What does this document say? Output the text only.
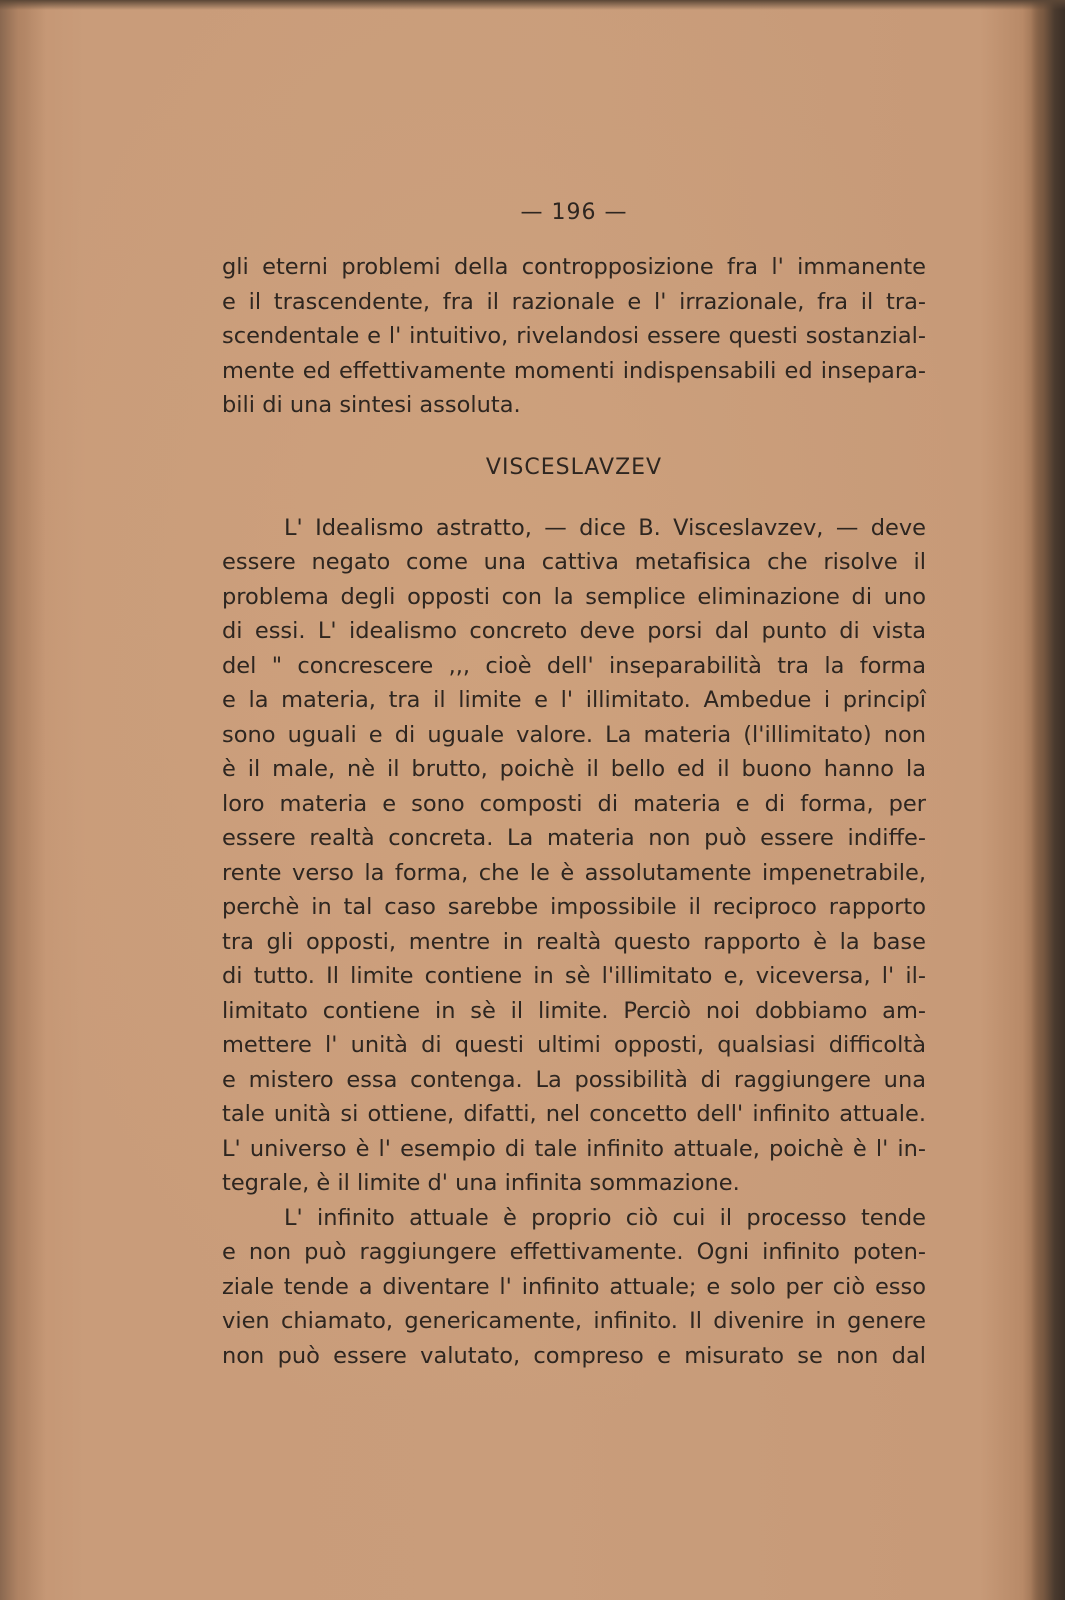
— 196 —
gli eterni problemi della contropposizione fra l' immanente
e il trascendente, fra il razionale e l' irrazionale, fra il tra-
scendentale e l' intuitivo, rivelandosi essere questi sostanzial-
mente ed effettivamente momenti indispensabili ed insepara-
bili di una sintesi assoluta.
VISCESLAVZEV
L' Idealismo astratto, — dice B. Visceslavzev, — deve
essere negato come una cattiva metafisica che risolve il
problema degli opposti con la semplice eliminazione di uno
di essi. L' idealismo concreto deve porsi dal punto di vista
del " concrescere ,,, cioè dell' inseparabilità tra la forma
e la materia, tra il limite e l' illimitato. Ambedue i principî
sono uguali e di uguale valore. La materia (l'illimitato) non
è il male, nè il brutto, poichè il bello ed il buono hanno la
loro materia e sono composti di materia e di forma, per
essere realtà concreta. La materia non può essere indiffe-
rente verso la forma, che le è assolutamente impenetrabile,
perchè in tal caso sarebbe impossibile il reciproco rapporto
tra gli opposti, mentre in realtà questo rapporto è la base
di tutto. Il limite contiene in sè l'illimitato e, viceversa, l' il-
limitato contiene in sè il limite. Perciò noi dobbiamo am-
mettere l' unità di questi ultimi opposti, qualsiasi difficoltà
e mistero essa contenga. La possibilità di raggiungere una
tale unità si ottiene, difatti, nel concetto dell' infinito attuale.
L' universo è l' esempio di tale infinito attuale, poichè è l' in-
tegrale, è il limite d' una infinita sommazione.
L' infinito attuale è proprio ciò cui il processo tende
e non può raggiungere effettivamente. Ogni infinito poten-
ziale tende a diventare l' infinito attuale; e solo per ciò esso
vien chiamato, genericamente, infinito. Il divenire in genere
non può essere valutato, compreso e misurato se non dal
